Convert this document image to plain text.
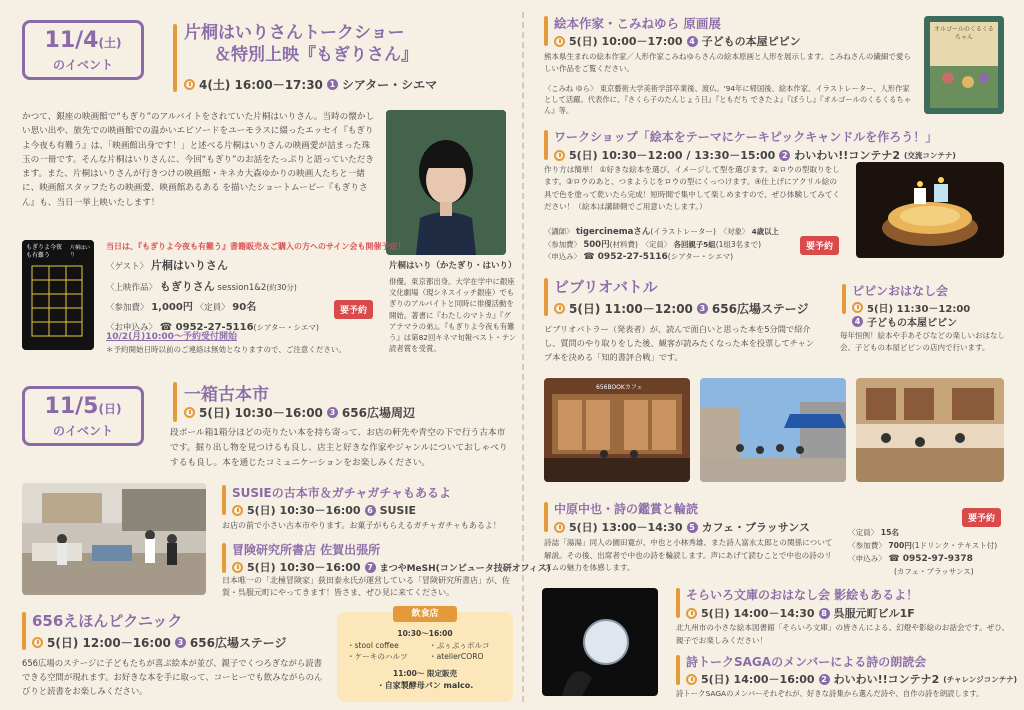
11/4(土)
のイベント
片桐はいりさんトークショー
＆特別上映『もぎりさん』
4(土) 16:00－17:30 1 シアター・シエマ
かつて、銀座の映画館で“もぎり”のアルバイトをされていた片桐はいりさん。当時の懐かしい思い出や、旅先での映画館での温かいエピソードをユーモラスに綴ったエッセイ『もぎりよ今夜も有難う』は、「映画館出身です！」と述べる片桐はいりさんの映画愛が詰まった珠玉の一冊です。そんな片桐はいりさんに、今回“もぎり”のお話をたっぷりと語っていただきます。また、片桐はいりさんが行きつけの映画館・キネカ大森ゆかりの映画人たちと一緒に、映画館スタッフたちの映画愛、映画館あるある を描いたショートムービー『もぎりさん』も、当日一挙上映いたします！
片桐はいり（かたぎり・はいり）
俳優。東京都出身。大学在学中に銀座文化劇場（現シネスイッチ銀座）でもぎりのアルバイトと同時に俳優活動を開始。著書に『わたしのマトカ』『グアテマラの弟』。『もぎりよ今夜も有難う』は第82回キネマ旬報ベスト・テン 読者賞を受賞。
もぎりよ今夜も有難う
片桐はいり
当日は、『もぎりよ今夜も有難う』書籍販売＆ご購入の方へのサイン会も開催予定！
〈ゲスト〉 片桐はいりさん
〈上映作品〉 もぎりさん session1&2(約30分)
〈参加費〉 1,000円 〈定員〉 90名
〈お申込み〉 ☎ 0952-27-5116(シアター・シエマ)
10/2(月)10:00～予約受付開始
＊予約開始日時以前のご連絡は無効となりますので、ご注意ください。
要予約
11/5(日)
のイベント
一箱古本市
5(日) 10:30－16:00 3 656広場周辺
段ボール箱1箱分ほどの売りたい本を持ち寄って、お店の軒先や青空の下で行う古本市です。掘り出し物を見つけるも良し、店主と好きな作家やジャンルについておしゃべりするも良し。本を通じたコミュニケーションをお楽しみください。
SUSIEの古本市＆ガチャガチャもあるよ
5(日) 10:30－16:00 6 SUSIE
お店の前で小さい古本市やります。お菓子がもらえるガチャガチャもあるよ！
冒険研究所書店 佐賀出張所
5(日) 10:30－16:00 7 まつやMeSH(コンピュータ技研オフィス)
日本唯一の「北極冒険家」荻田泰永氏が運営している「冒険研究所書店」が、佐賀・呉服元町にやってきます！皆さま、ぜひ見に来てください。
656えほんピクニック
5(日) 12:00－16:00 3 656広場ステージ
656広場のステージに子どもたちが喜ぶ絵本が並び、親子でくつろぎながら読書できる空間が現れます。お好きな本を手に取って、コーヒーでも飲みながらのんびりと読書をお楽しみください。
飲食店
10:30～16:00
・stool coffee
・ケーキのハルツ
・ぷぅぷぅボルコ
・atelierCORO
11:00～ 限定販売
・自家製酵母パン malco.
絵本作家・こみねゆら 原画展
5(日) 10:00－17:00 4 子どもの本屋ピピン
熊本県生まれの絵本作家／人形作家こみねゆらさんの絵本原画と人形を展示します。こみねさんの繊細で愛らしい作品をご覧ください。
〈こみね ゆら〉 東京藝術大学美術学部卒業後、渡仏。'94年に帰国後、絵本作家、イラストレーター、人形作家として活躍。代表作に、『さくら子のたんじょう日』『ともだち できたよ』『ぼうし』『オルゴールのくるくるちゃん』等。
オルゴールのくるくるちゃん
ワークショップ「絵本をテーマにケーキピックキャンドルを作ろう！」
5(日) 10:30－12:00 / 13:30－15:00 2 わいわい!!コンテナ2 (交流コンテナ)
作り方は簡単！ ①好きな絵本を選び、イメージして型を選びます。②ロウの型取りをします。③ロウのあと、つまようじをロウの型にくっつけます。④仕上げにアクリル絵の具で色を塗って乾いたら完成！短時間で集中して楽しめますので、ぜひ体験してみてください！（絵本は講師側でご用意いたします。）
〈講師〉 tigercinemaさん(イラストレーター)　 〈対象〉 4歳以上
〈参加費〉 500円(材料費)　 〈定員〉 各回親子5組(1組3名まで)
〈申込み〉 ☎ 0952-27-5116(シアター・シエマ)
要予約
ビブリオバトル
5(日) 11:00－12:00 3 656広場ステージ
ビブリオバトラー（発表者）が、読んで面白いと思った本を5分間で紹介し、質問のやり取りをした後、観客が読みたくなった本を投票してチャンプ本を決める「知的書評合戦」です。
ピピンおはなし会
5(日) 11:30－12:00
4 子どもの本屋ピピン
毎年恒例！絵本や手あそびなどの楽しいおはなし会、子どもの本屋ピピンの店内で行います。
656BOOKカフェ
中原中也・詩の鑑賞と輪読
5(日) 13:00－14:30 5 カフェ・ブラッサンス
詩誌「湯湯」同人の園田寛が、中也と小林秀雄、また詩人富永太郎との関係について解説。その後、出席者で中也の詩を輪読します。声にあげて読むことで中也の詩のリズムの魅力を体感します。
〈定員〉 15名
〈参加費〉 700円(1ドリンク・テキスト付)
〈申込み〉 ☎ 0952-97-9378
(カフェ・ブラッサンス)
要予約
そらいろ文庫のおはなし会 影絵もあるよ！
5(日) 14:00－14:30 8 呉服元町ビル1F
北九州市の小さな絵本図書館「そらいろ文庫」の皆さんによる、幻燈や影絵のお話会です。ぜひ、親子でお楽しみください！
詩トークSAGAのメンバーによる詩の朗読会
5(日) 14:00－16:00 2 わいわい!!コンテナ2 (チャレンジコンテナ)
詩トークSAGAのメンバーそれぞれが、好きな詩集から選んだ詩や、自作の詩を朗読します。
